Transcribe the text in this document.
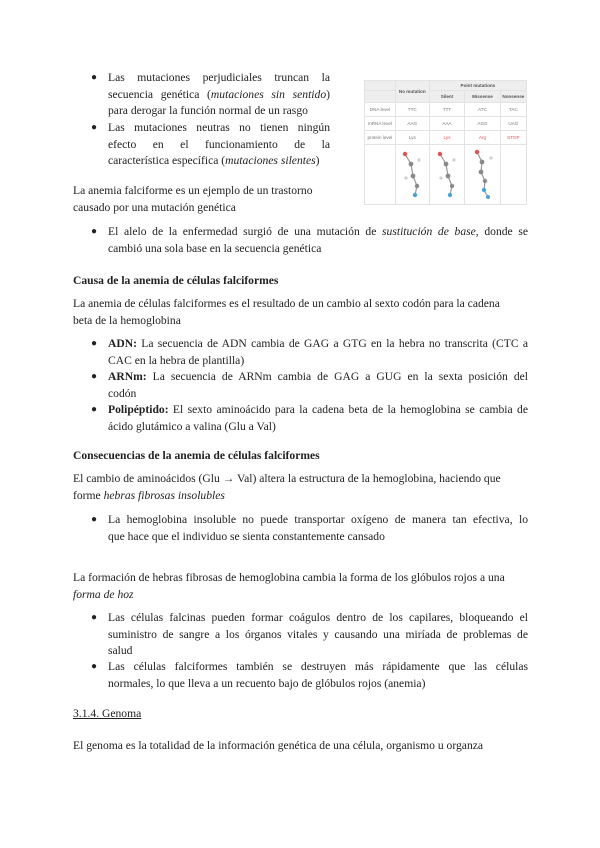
● Las mutaciones perjudiciales truncan la

secuencia genética (mutaciones sin sentido)

para derogar la función normal de un rasgo

● Las mutaciones neutras no tienen ningún

efecto en el funcionamiento de la

característica específica (mutaciones silentes)

La anemia falciforme es un ejemplo de un trastorno

causado por una mutación genética

	No mutation	Point mutations		
		Silent	Missense	Nonsense
DNA level	TTC	TTT	ATC	TAC
mRNA level	AAG	AAA	AGG	UAG
protein level	Lys	Lys	Arg	STOP

● El alelo de la enfermedad surgió de una mutación de sustitución de base, donde se

cambió una sola base en la secuencia genética

Causa de la anemia de células falciformes

La anemia de células falciformes es el resultado de un cambio al sexto codón para la cadena

beta de la hemoglobina

● ADN: La secuencia de ADN cambia de GAG a GTG en la hebra no transcrita (CTC a

CAC en la hebra de plantilla)

● ARNm: La secuencia de ARNm cambia de GAG a GUG en la sexta posición del

codón

● Polipéptido: El sexto aminoácido para la cadena beta de la hemoglobina se cambia de

ácido glutámico a valina (Glu a Val)

Consecuencias de la anemia de células falciformes

El cambio de aminoácidos (Glu → Val) altera la estructura de la hemoglobina, haciendo que

forme hebras fibrosas insolubles

● La hemoglobina insoluble no puede transportar oxígeno de manera tan efectiva, lo

que hace que el individuo se sienta constantemente cansado

La formación de hebras fibrosas de hemoglobina cambia la forma de los glóbulos rojos a una

forma de hoz

● Las células falcinas pueden formar coágulos dentro de los capilares, bloqueando el

suministro de sangre a los órganos vitales y causando una miríada de problemas de

salud

● Las células falciformes también se destruyen más rápidamente que las células

normales, lo que lleva a un recuento bajo de glóbulos rojos (anemia)

3.1.4. Genoma
El genoma es la totalidad de la información genética de una célula, organismo u organza
